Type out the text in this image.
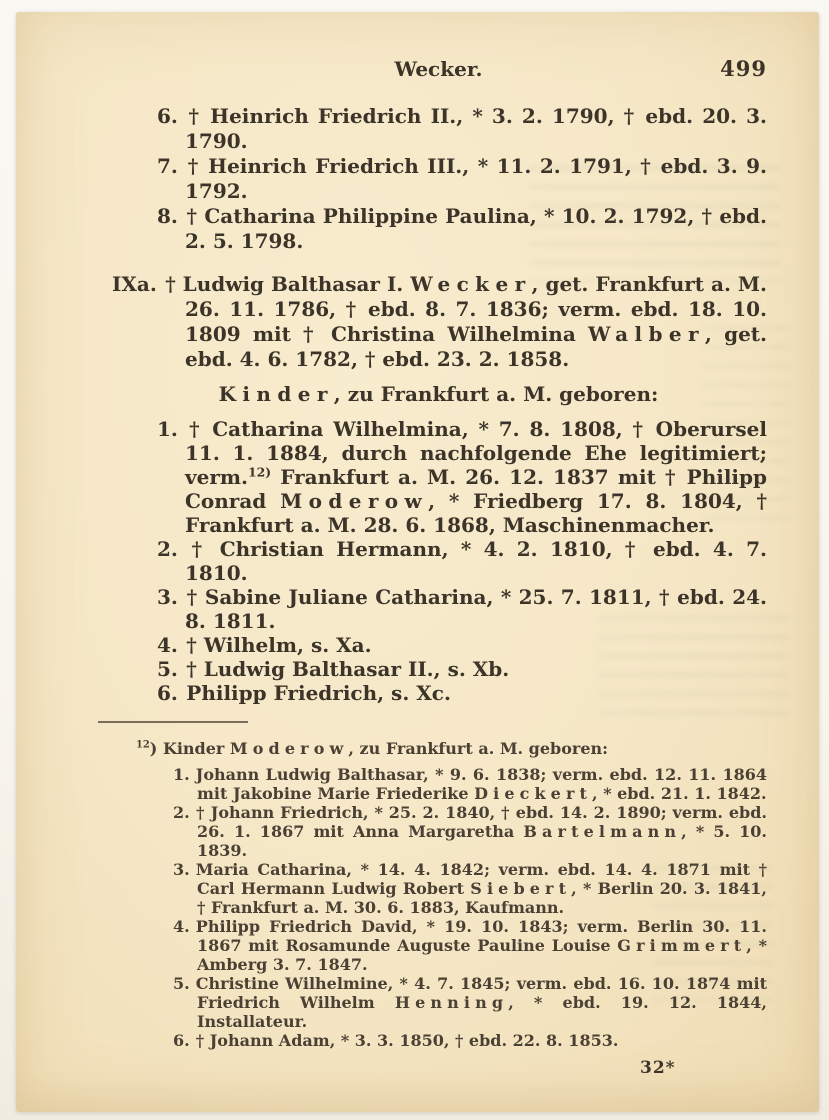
Wecker.	499

6. † Heinrich Friedrich II., * 3. 2. 1790, † ebd. 20. 3. 1790.

7. † Heinrich Friedrich III., * 11. 2. 1791, † ebd. 3. 9. 1792.

8. † Catharina Philippine Paulina, * 10. 2. 1792, † ebd. 2. 5. 1798.

IXa. † Ludwig Balthasar I. Wecker, get. Frankfurt a. M. 26. 11. 1786, † ebd. 8. 7. 1836; verm. ebd. 18. 10. 1809 mit † Christina Wilhelmina Walber, get. ebd. 4. 6. 1782, † ebd. 23. 2. 1858.

Kinder, zu Frankfurt a. M. geboren:

1. † Catharina Wilhelmina, * 7. 8. 1808, † Oberursel 11. 1. 1884, durch nachfolgende Ehe legitimiert; verm.$^{12)}$ Frankfurt a. M. 26. 12. 1837 mit † Philipp Conrad Moderow, * Friedberg 17. 8. 1804, † Frankfurt a. M. 28. 6. 1868, Maschinenmacher.

2. † Christian Hermann, * 4. 2. 1810, † ebd. 4. 7. 1810.

3. † Sabine Juliane Catharina, * 25. 7. 1811, † ebd. 24. 8. 1811.

4. † Wilhelm, s. Xa.

5. † Ludwig Balthasar II., s. Xb.

6. Philipp Friedrich, s. Xc.

$^{12}$) Kinder Moderow, zu Frankfurt a. M. geboren:

1. Johann Ludwig Balthasar, * 9. 6. 1838; verm. ebd. 12. 11. 1864 mit Jakobine Marie Friederike Dieckert, * ebd. 21. 1. 1842.

2. † Johann Friedrich, * 25. 2. 1840, † ebd. 14. 2. 1890; verm. ebd. 26. 1. 1867 mit Anna Margaretha Bartelmann, * 5. 10. 1839.

3. Maria Catharina, * 14. 4. 1842; verm. ebd. 14. 4. 1871 mit † Carl Hermann Ludwig Robert Siebert, * Berlin 20. 3. 1841, † Frankfurt a. M. 30. 6. 1883, Kaufmann.

4. Philipp Friedrich David, * 19. 10. 1843; verm. Berlin 30. 11. 1867 mit Rosamunde Auguste Pauline Louise Grimmert, * Amberg 3. 7. 1847.

5. Christine Wilhelmine, * 4. 7. 1845; verm. ebd. 16. 10. 1874 mit Friedrich Wilhelm Henning, * ebd. 19. 12. 1844, Installateur.

6. † Johann Adam, * 3. 3. 1850, † ebd. 22. 8. 1853.

32*
